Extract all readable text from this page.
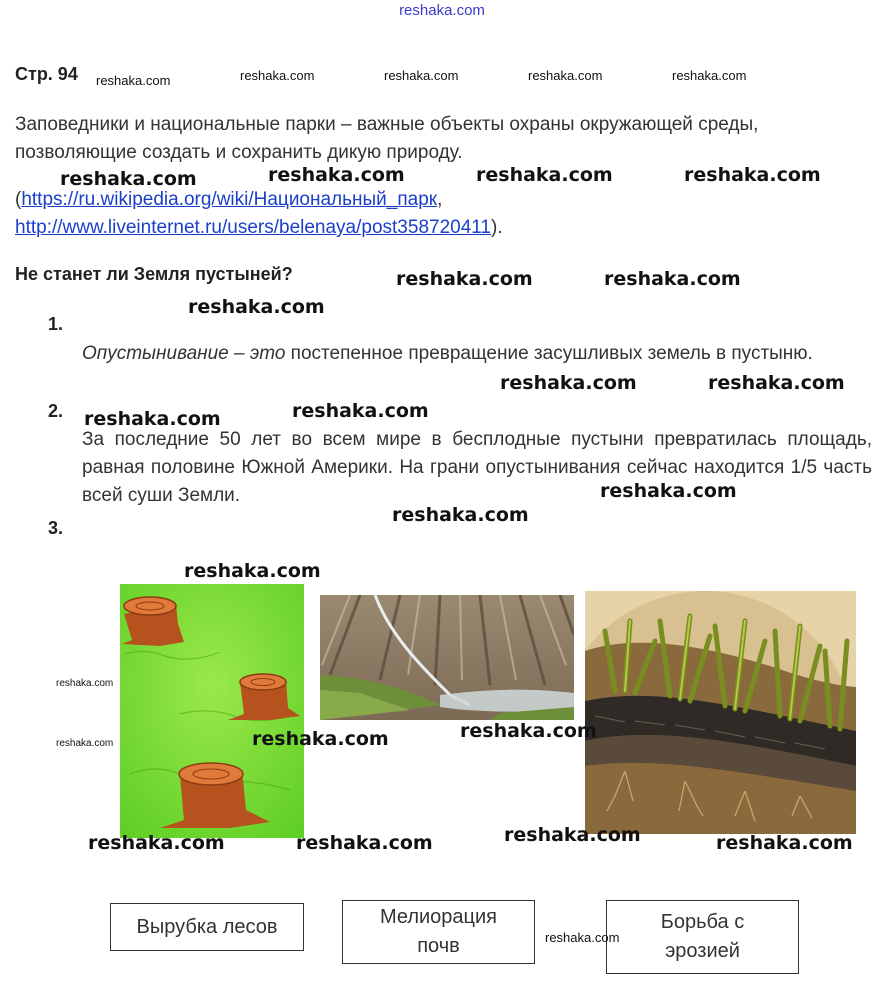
reshaka.com
Стр. 94 reshaka.com	reshaka.com	reshaka.com	reshaka.com	reshaka.com
Заповедники и национальные парки – важные объекты охраны окружающей среды, позволяющие создать и сохранить дикую природу.
(https://ru.wikipedia.org/wiki/Национальный_парк,
http://www.liveinternet.ru/users/belenaya/post358720411).
reshaka.com	reshaka.com	reshaka.com	reshaka.com
Не станет ли Земля пустыней?	reshaka.com	reshaka.com
reshaka.com
1.
Опустынивание – это постепенное превращение засушливых земель в пустыню.
reshaka.com	reshaka.com
2. reshaka.com	reshaka.com
За последние 50 лет во всем мире в бесплодные пустыни превратилась площадь, равная половине Южной Америки. На грани опустынивания сейчас находится 1/5 часть всей суши Земли.	reshaka.com
reshaka.com
3.
reshaka.com
reshaka.com
reshaka.com	reshaka.com	reshaka.com
reshaka.com	reshaka.com	reshaka.com	reshaka.com
Вырубка лесов	Мелиорация почв
Борьба с эрозией
reshaka.com
